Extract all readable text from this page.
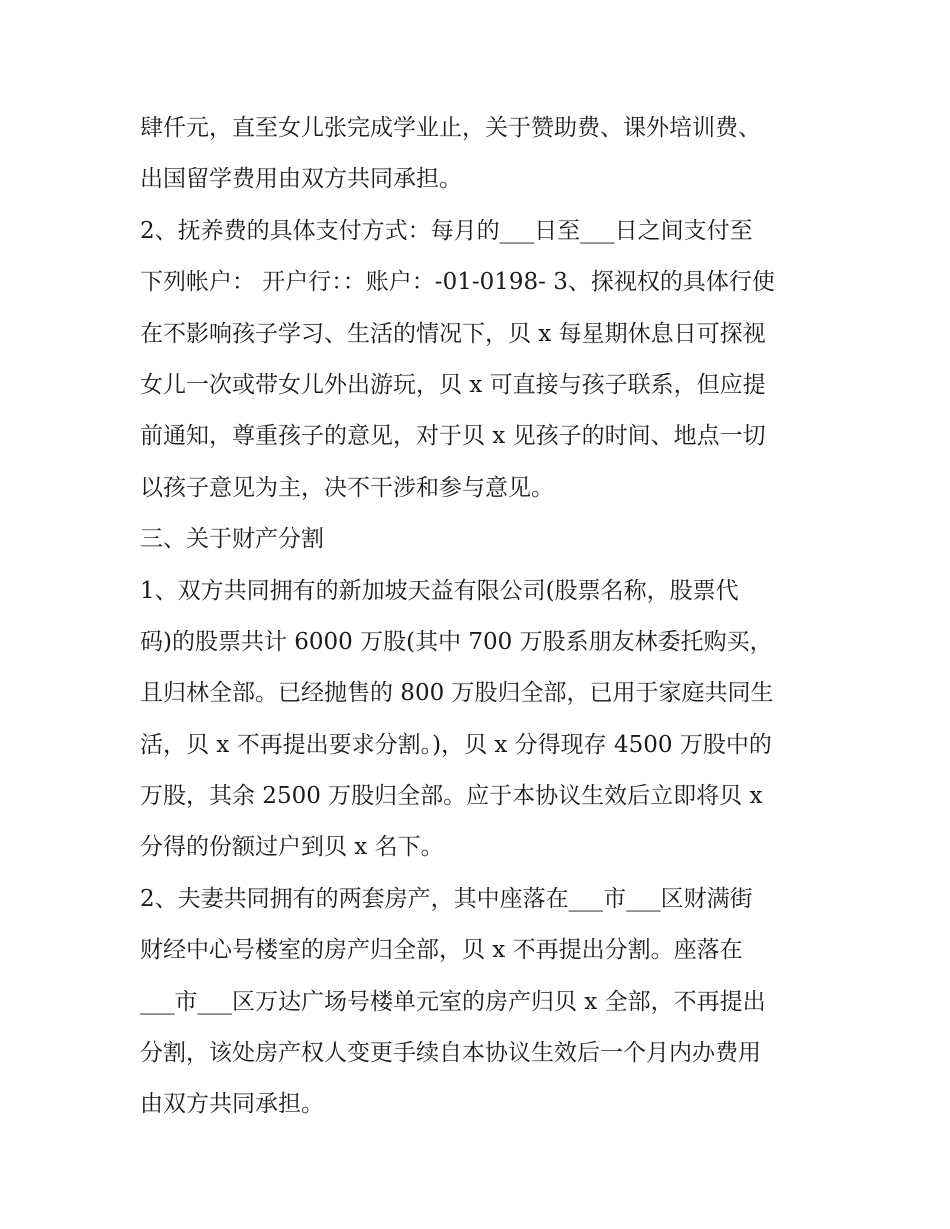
肆仟元，直至女儿张完成学业止，关于赞助费、课外培训费、
出国留学费用由双方共同承担。
2、抚养费的具体支付方式：每月的___日至___日之间支付至
下列帐户： 开户行：：账户：-01-0198- 3、探视权的具体行使
在不影响孩子学习、生活的情况下，贝 x 每星期休息日可探视
女儿一次或带女儿外出游玩，贝 x 可直接与孩子联系，但应提
前通知，尊重孩子的意见，对于贝 x 见孩子的时间、地点一切
以孩子意见为主，决不干涉和参与意见。
三、关于财产分割
1、双方共同拥有的新加坡天益有限公司(股票名称，股票代
码)的股票共计 6000 万股(其中 700 万股系朋友林委托购买，
且归林全部。已经抛售的 800 万股归全部，已用于家庭共同生
活，贝 x 不再提出要求分割。)，贝 x 分得现存 4500 万股中的
万股，其余 2500 万股归全部。应于本协议生效后立即将贝 x
分得的份额过户到贝 x 名下。
2、夫妻共同拥有的两套房产，其中座落在___市___区财满街
财经中心号楼室的房产归全部，贝 x 不再提出分割。座落在
___市___区万达广场号楼单元室的房产归贝 x 全部，不再提出
分割，该处房产权人变更手续自本协议生效后一个月内办费用
由双方共同承担。
